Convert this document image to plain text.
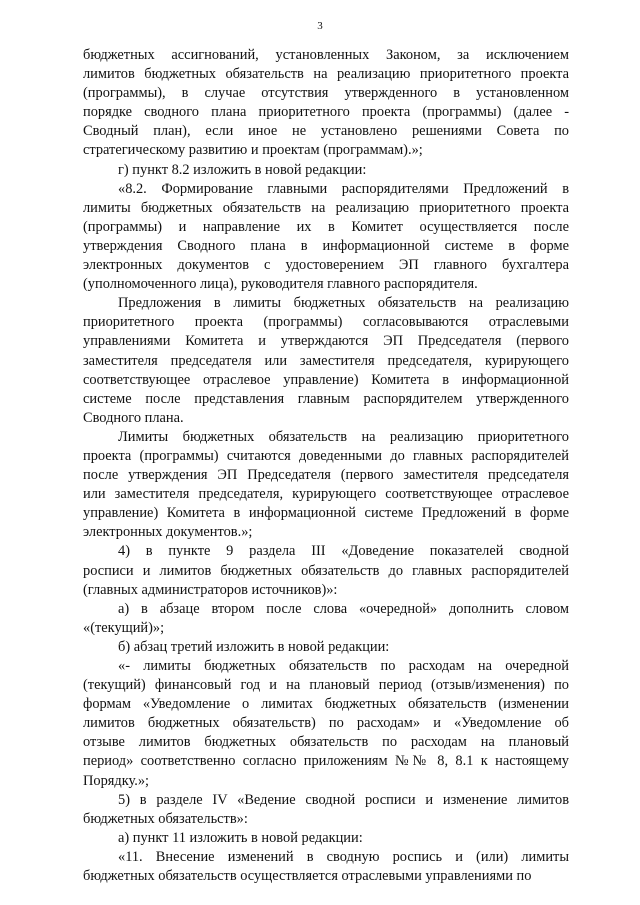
3
бюджетных ассигнований, установленных Законом, за исключением
лимитов бюджетных обязательств на реализацию приоритетного проекта
(программы), в случае отсутствия утвержденного в установленном
порядке сводного плана приоритетного проекта (программы) (далее -
Сводный план), если иное не установлено решениями Совета по
стратегическому развитию и проектам (программам).»;
г) пункт 8.2 изложить в новой редакции:
«8.2. Формирование главными распорядителями Предложений в
лимиты бюджетных обязательств на реализацию приоритетного проекта
(программы) и направление их в Комитет осуществляется после
утверждения Сводного плана в информационной системе в форме
электронных документов с удостоверением ЭП главного бухгалтера
(уполномоченного лица), руководителя главного распорядителя.
Предложения в лимиты бюджетных обязательств на реализацию
приоритетного проекта (программы) согласовываются отраслевыми
управлениями Комитета и утверждаются ЭП Председателя (первого
заместителя председателя или заместителя председателя, курирующего
соответствующее отраслевое управление) Комитета в информационной
системе после представления главным распорядителем утвержденного
Сводного плана.
Лимиты бюджетных обязательств на реализацию приоритетного
проекта (программы) считаются доведенными до главных распорядителей
после утверждения ЭП Председателя (первого заместителя председателя
или заместителя председателя, курирующего соответствующее отраслевое
управление) Комитета в информационной системе Предложений в форме
электронных документов.»;
4) в пункте 9 раздела III «Доведение показателей сводной
росписи и лимитов бюджетных обязательств до главных распорядителей
(главных администраторов источников)»:
а) в абзаце втором после слова «очередной» дополнить словом
«(текущий)»;
б) абзац третий изложить в новой редакции:
«- лимиты бюджетных обязательств по расходам на очередной
(текущий) финансовый год и на плановый период (отзыв/изменения) по
формам «Уведомление о лимитах бюджетных обязательств (изменении
лимитов бюджетных обязательств) по расходам» и «Уведомление об
отзыве лимитов бюджетных обязательств по расходам на плановый
период» соответственно согласно приложениям №№ 8, 8.1 к настоящему
Порядку.»;
5) в разделе IV «Ведение сводной росписи и изменение лимитов
бюджетных обязательств»:
а) пункт 11 изложить в новой редакции:
«11. Внесение изменений в сводную роспись и (или) лимиты
бюджетных обязательств осуществляется отраслевыми управлениями по
